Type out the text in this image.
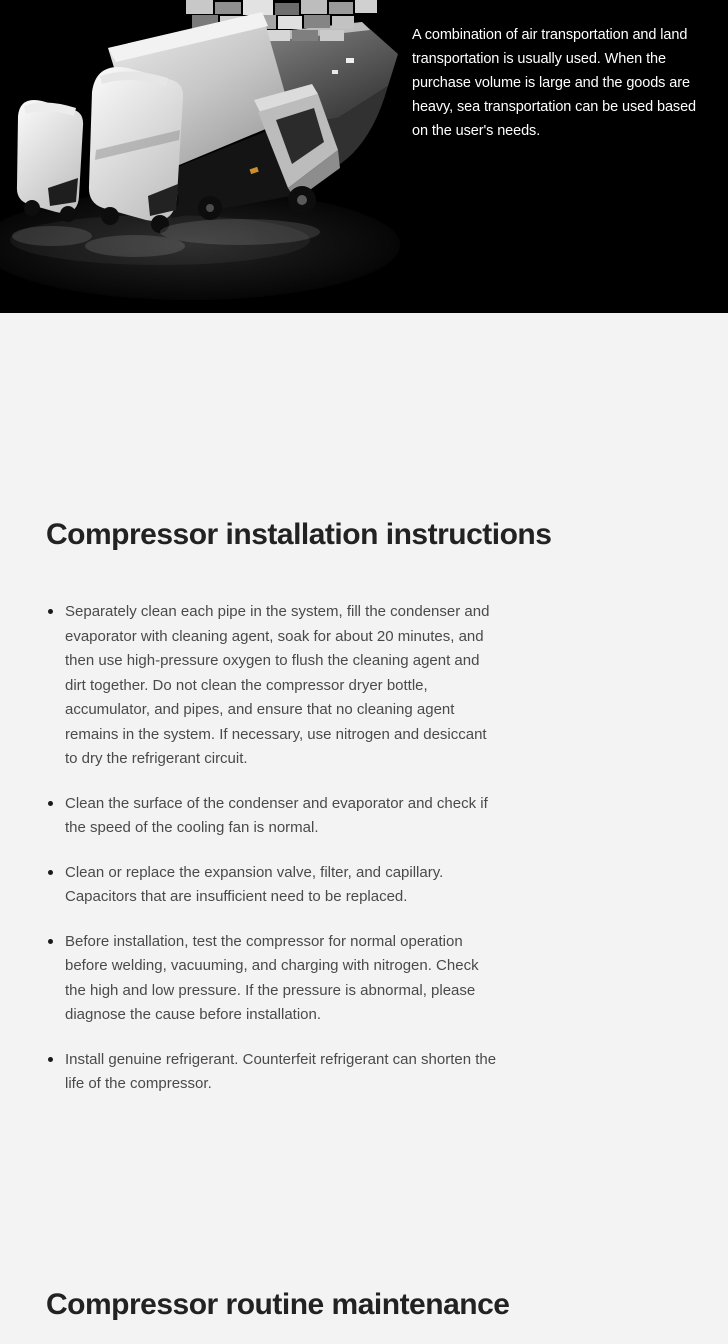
A combination of air transportation and land transportation is usually used. When the purchase volume is large and the goods are heavy, sea transportation can be used based on the user's needs.

Compressor installation instructions
Separately clean each pipe in the system, fill the condenser and evaporator with cleaning agent, soak for about 20 minutes, and then use high-pressure oxygen to flush the cleaning agent and dirt together. Do not clean the compressor dryer bottle, accumulator, and pipes, and ensure that no cleaning agent remains in the system. If necessary, use nitrogen and desiccant to dry the refrigerant circuit.
Clean the surface of the condenser and evaporator and check if the speed of the cooling fan is normal.
Clean or replace the expansion valve, filter, and capillary. Capacitors that are insufficient need to be replaced.
Before installation, test the compressor for normal operation before welding, vacuuming, and charging with nitrogen. Check the high and low pressure. If the pressure is abnormal, please diagnose the cause before installation.
Install genuine refrigerant. Counterfeit refrigerant can shorten the life of the compressor.
Compressor routine maintenance
